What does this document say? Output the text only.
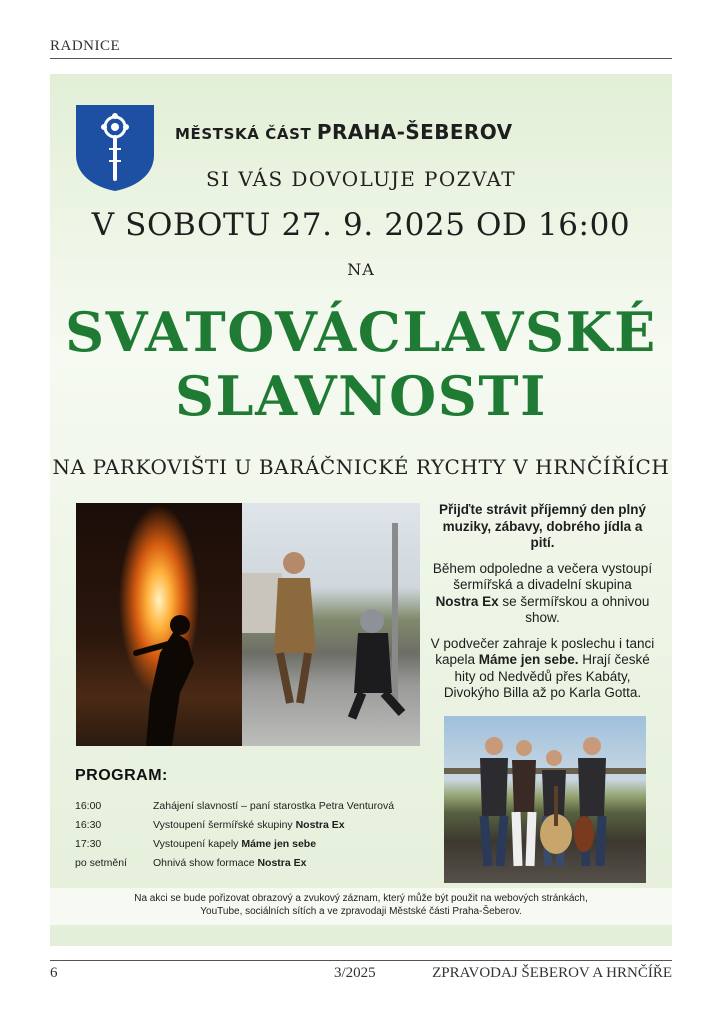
RADNICE
MĚSTSKÁ ČÁST PRAHA-ŠEBEROV
SI VÁS DOVOLUJE POZVAT
V SOBOTU 27. 9. 2025 OD 16:00
NA
SVATOVÁCLAVSKÉ
SLAVNOSTI
NA PARKOVIŠTI U BARÁČNICKÉ RYCHTY V HRNČÍŘÍCH

Přijďte strávit příjemný den plný muziky, zábavy, dobrého jídla a pití.

Během odpoledne a večera vystoupí šermířská a divadelní skupina Nostra Ex se šermířskou a ohnivou show.

V podvečer zahraje k poslechu i tanci kapela Máme jen sebe. Hrají české hity od Nedvědů přes Kabáty, Divokýho Billa až po Karla Gotta.

PROGRAM:
16:00	Zahájení slavností – paní starostka Petra Venturová
16:30	Vystoupení šermířské skupiny Nostra Ex
17:30	Vystoupení kapely Máme jen sebe
po setmění	Ohnivá show formace Nostra Ex
Na akci se bude pořizovat obrazový a zvukový záznam, který může být použit na webových stránkách, YouTube, sociálních sítích a ve zpravodaji Městské části Praha-Šeberov.
6	3/2025	ZPRAVODAJ ŠEBEROV A HRNČÍŘE
